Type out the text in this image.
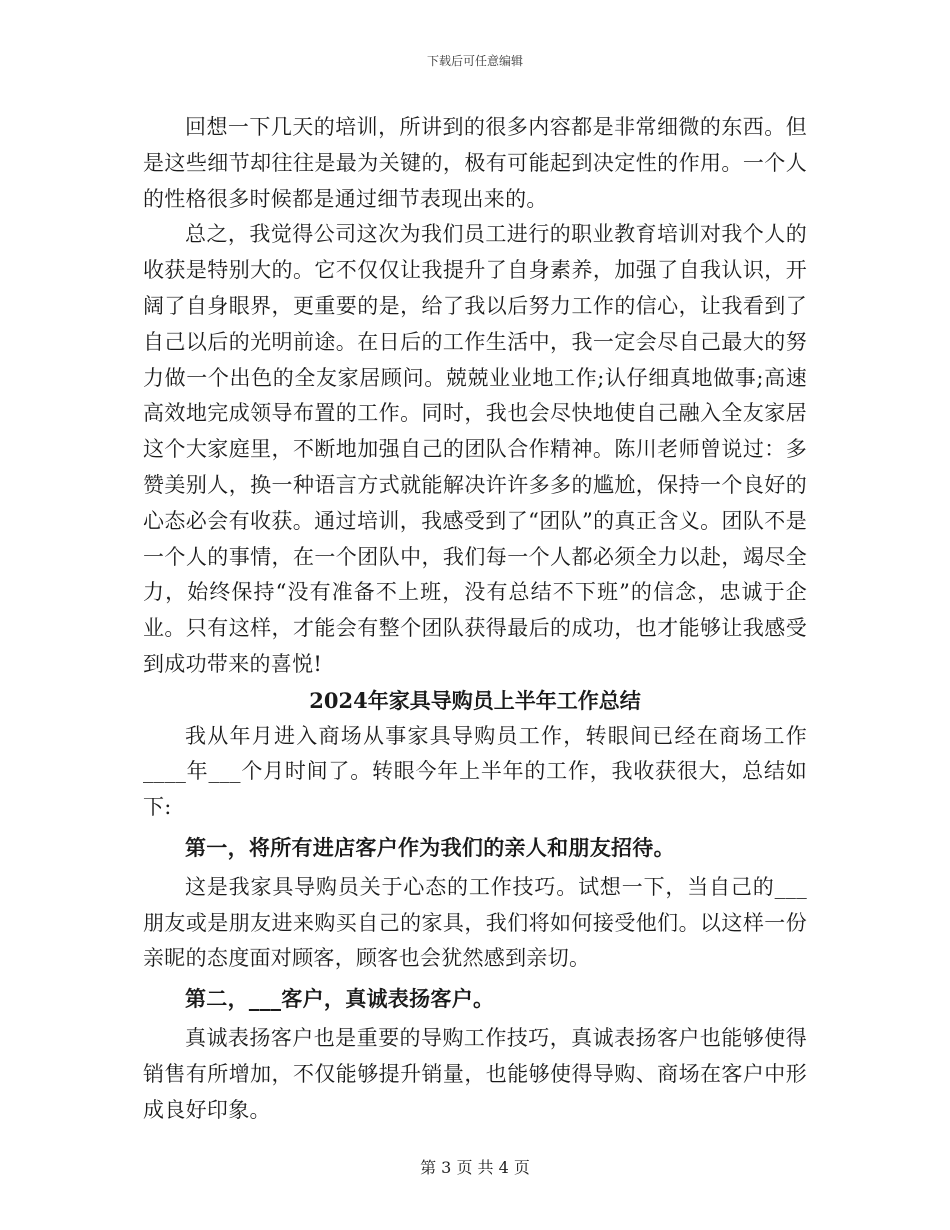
下载后可任意编辑

回想一下几天的培训，所讲到的很多内容都是非常细微的东西。但是这些细节却往往是最为关键的，极有可能起到决定性的作用。一个人的性格很多时候都是通过细节表现出来的。

总之，我觉得公司这次为我们员工进行的职业教育培训对我个人的收获是特别大的。它不仅仅让我提升了自身素养，加强了自我认识，开阔了自身眼界，更重要的是，给了我以后努力工作的信心，让我看到了自己以后的光明前途。在日后的工作生活中，我一定会尽自己最大的努力做一个出色的全友家居顾问。兢兢业业地工作;认仔细真地做事;高速高效地完成领导布置的工作。同时，我也会尽快地使自己融入全友家居这个大家庭里，不断地加强自己的团队合作精神。陈川老师曾说过：多赞美别人，换一种语言方式就能解决许许多多的尴尬，保持一个良好的心态必会有收获。通过培训，我感受到了“团队”的真正含义。团队不是一个人的事情，在一个团队中，我们每一个人都必须全力以赴，竭尽全力，始终保持“没有准备不上班，没有总结不下班”的信念，忠诚于企业。只有这样，才能会有整个团队获得最后的成功，也才能够让我感受到成功带来的喜悦!

2024年家具导购员上半年工作总结

我从年月进入商场从事家具导购员工作，转眼间已经在商场工作____年___个月时间了。转眼今年上半年的工作，我收获很大，总结如下:

第一，将所有进店客户作为我们的亲人和朋友招待。

这是我家具导购员关于心态的工作技巧。试想一下，当自己的___朋友或是朋友进来购买自己的家具，我们将如何接受他们。以这样一份亲昵的态度面对顾客，顾客也会犹然感到亲切。

第二，___客户，真诚表扬客户。

真诚表扬客户也是重要的导购工作技巧，真诚表扬客户也能够使得销售有所增加，不仅能够提升销量，也能够使得导购、商场在客户中形成良好印象。

第 3 页 共 4 页
